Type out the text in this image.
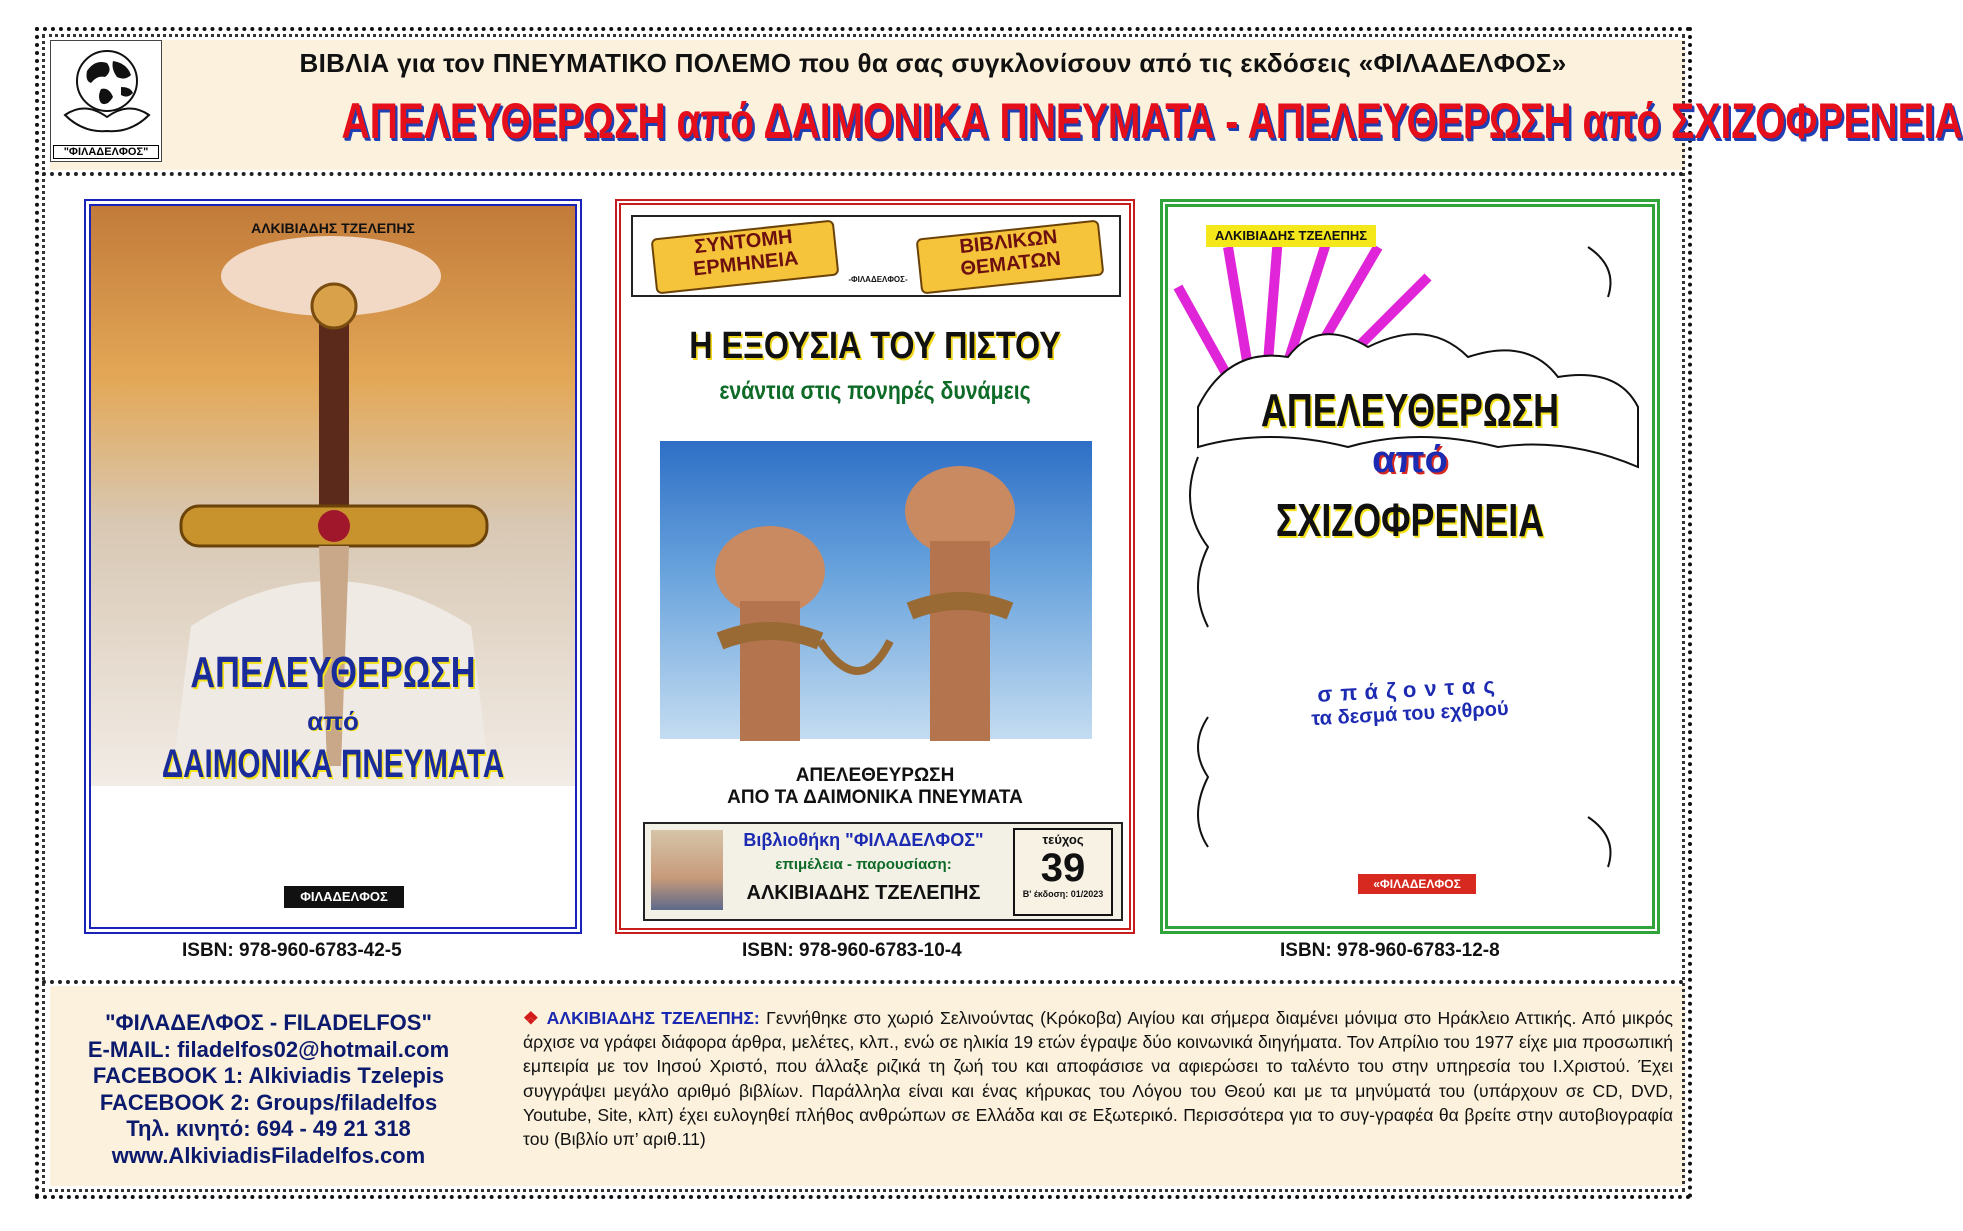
"ΦΙΛΑΔΕΛΦΟΣ"
ΒΙΒΛΙΑ για τον ΠΝΕΥΜΑΤΙΚΟ ΠΟΛΕΜΟ που θα σας συγκλονίσουν από τις εκδόσεις «ΦΙΛΑΔΕΛΦΟΣ»
ΑΠΕΛΕΥΘΕΡΩΣΗ από ΔΑΙΜΟΝΙΚΑ ΠΝΕΥΜΑΤΑ - ΑΠΕΛΕΥΘΕΡΩΣΗ από ΣΧΙΖΟΦΡΕΝΕΙΑ
ΑΛΚΙΒΙΑΔΗΣ ΤΖΕΛΕΠΗΣ
ΑΠΕΛΕΥΘΕΡΩΣΗ
από
ΔΑΙΜΟΝΙΚΑ ΠΝΕΥΜΑΤΑ
ΦΙΛΑΔΕΛΦΟΣ
ISBN: 978-960-6783-42-5
ΣΥΝΤΟΜΗ ΕΡΜΗΝΕΙΑ
ΒΙΒΛΙΚΩΝ ΘΕΜΑΤΩΝ
-ΦΙΛΑΔΕΛΦΟΣ-
Η ΕΞΟΥΣΙΑ ΤΟΥ ΠΙΣΤΟΥ
ενάντια στις πονηρές δυνάμεις
ΑΠΕΛΕΘΕΥΡΩΣΗ
ΑΠΟ ΤΑ ΔΑΙΜΟΝΙΚΑ ΠΝΕΥΜΑΤΑ
Βιβλιοθήκη "ΦΙΛΑΔΕΛΦΟΣ"
επιμέλεια - παρουσίαση:
ΑΛΚΙΒΙΑΔΗΣ ΤΖΕΛΕΠΗΣ
τεύχος
39
Β' έκδοση: 01/2023
ISBN: 978-960-6783-10-4
ΑΛΚΙΒΙΑΔΗΣ ΤΖΕΛΕΠΗΣ
ΑΠΕΛΕΥΘΕΡΩΣΗ
από
ΣΧΙΖΟΦΡΕΝΕΙΑ
σπάζοντας
τα δεσμά του εχθρού
«ΦΙΛΑΔΕΛΦΟΣ
ISBN: 978-960-6783-12-8
"ΦΙΛΑΔΕΛΦΟΣ - FILADELFOS"
E-MAIL: filadelfos02@hotmail.com
FACEBOOK 1: Alkiviadis Tzelepis
FACEBOOK 2: Groups/filadelfos
Τηλ. κινητό: 694 - 49 21 318
www.AlkiviadisFiladelfos.com
❖ ΑΛΚΙΒΙΑΔΗΣ ΤΖΕΛΕΠΗΣ: Γεννήθηκε στο χωριό Σελινούντας (Κρόκοβα) Αιγίου και σήμερα διαμένει μόνιμα στο Ηράκλειο Αττικής. Από μικρός άρχισε να γράφει διάφορα άρθρα, μελέτες, κλπ., ενώ σε ηλικία 19 ετών έγραψε δύο κοινωνικά διηγήματα. Τον Απρίλιο του 1977 είχε μια προσωπική εμπειρία με τον Ιησού Χριστό, που άλλαξε ριζικά τη ζωή του και αποφάσισε να αφιερώσει το ταλέντο του στην υπηρεσία του Ι.Χριστού. Έχει συγγράψει μεγάλο αριθμό βιβλίων. Παράλληλα είναι και ένας κήρυκας του Λόγου του Θεού και με τα μηνύματά του (υπάρχουν σε CD, DVD, Youtube, Site, κλπ) έχει ευλογηθεί πλήθος ανθρώπων σε Ελλάδα και σε Εξωτερικό. Περισσότερα για το συγ-γραφέα θα βρείτε στην αυτοβιογραφία του (Βιβλίο υπ’ αριθ.11)
